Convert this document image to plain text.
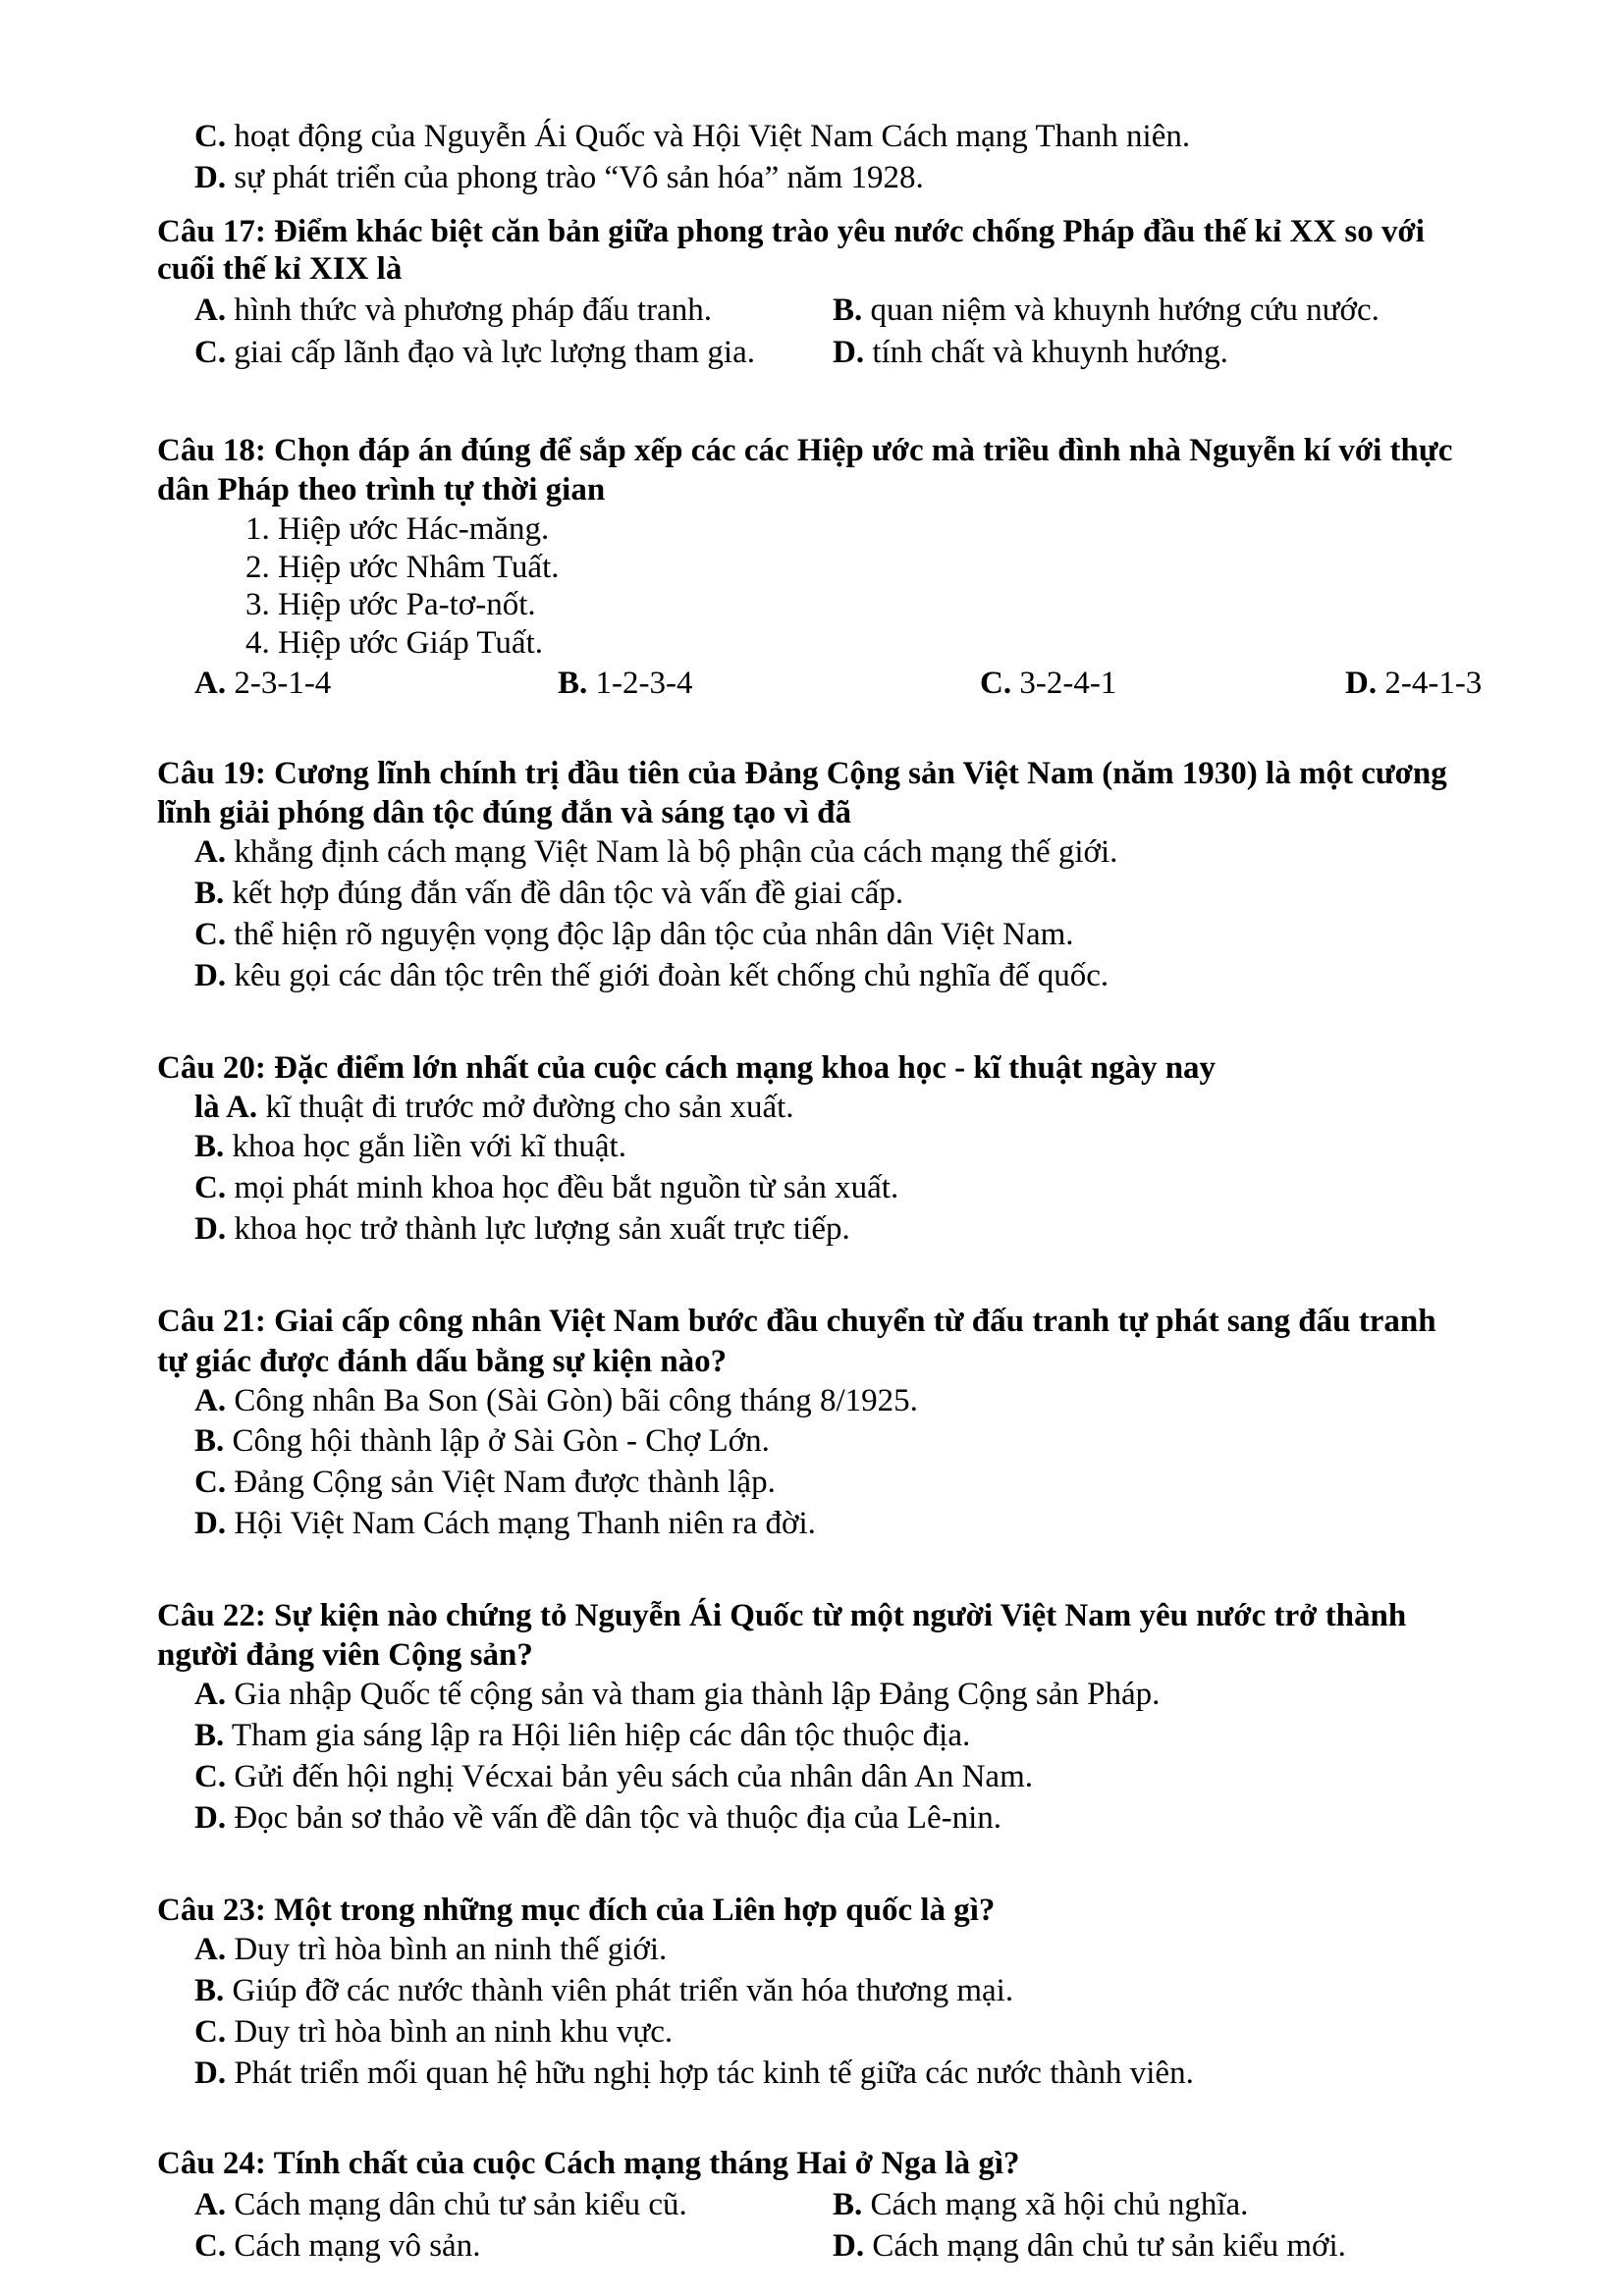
C. hoạt động của Nguyễn Ái Quốc và Hội Việt Nam Cách mạng Thanh niên.
D. sự phát triển của phong trào “Vô sản hóa” năm 1928.
Câu 17: Điểm khác biệt căn bản giữa phong trào yêu nước chống Pháp đầu thế kỉ XX so với
cuối thế kỉ XIX là
A. hình thức và phương pháp đấu tranh.	B. quan niệm và khuynh hướng cứu nước.
C. giai cấp lãnh đạo và lực lượng tham gia. D. tính chất và khuynh hướng.
Câu 18: Chọn đáp án đúng để sắp xếp các các Hiệp ước mà triều đình nhà Nguyễn kí với thực
dân Pháp theo trình tự thời gian
1. Hiệp ước Hác-măng.
2. Hiệp ước Nhâm Tuất.
3. Hiệp ước Pa-tơ-nốt.
4. Hiệp ước Giáp Tuất.
A. 2-3-1-4	B. 1-2-3-4	C. 3-2-4-1	D. 2-4-1-3
Câu 19: Cương lĩnh chính trị đầu tiên của Đảng Cộng sản Việt Nam (năm 1930) là một cương
lĩnh giải phóng dân tộc đúng đắn và sáng tạo vì đã
A. khẳng định cách mạng Việt Nam là bộ phận của cách mạng thế giới.
B. kết hợp đúng đắn vấn đề dân tộc và vấn đề giai cấp.
C. thể hiện rõ nguyện vọng độc lập dân tộc của nhân dân Việt Nam.
D. kêu gọi các dân tộc trên thế giới đoàn kết chống chủ nghĩa đế quốc.
Câu 20: Đặc điểm lớn nhất của cuộc cách mạng khoa học - kĩ thuật ngày nay
là A. kĩ thuật đi trước mở đường cho sản xuất.
B. khoa học gắn liền với kĩ thuật.
C. mọi phát minh khoa học đều bắt nguồn từ sản xuất.
D. khoa học trở thành lực lượng sản xuất trực tiếp.
Câu 21: Giai cấp công nhân Việt Nam bước đầu chuyển từ đấu tranh tự phát sang đấu tranh
tự giác được đánh dấu bằng sự kiện nào?
A. Công nhân Ba Son (Sài Gòn) bãi công tháng 8/1925.
B. Công hội thành lập ở Sài Gòn - Chợ Lớn.
C. Đảng Cộng sản Việt Nam được thành lập.
D. Hội Việt Nam Cách mạng Thanh niên ra đời.
Câu 22: Sự kiện nào chứng tỏ Nguyễn Ái Quốc từ một người Việt Nam yêu nước trở thành
người đảng viên Cộng sản?
A. Gia nhập Quốc tế cộng sản và tham gia thành lập Đảng Cộng sản Pháp.
B. Tham gia sáng lập ra Hội liên hiệp các dân tộc thuộc địa.
C. Gửi đến hội nghị Vécxai bản yêu sách của nhân dân An Nam.
D. Đọc bản sơ thảo về vấn đề dân tộc và thuộc địa của Lê-nin.
Câu 23: Một trong những mục đích của Liên hợp quốc là gì?
A. Duy trì hòa bình an ninh thế giới.
B. Giúp đỡ các nước thành viên phát triển văn hóa thương mại.
C. Duy trì hòa bình an ninh khu vực.
D. Phát triển mối quan hệ hữu nghị hợp tác kinh tế giữa các nước thành viên.
Câu 24: Tính chất của cuộc Cách mạng tháng Hai ở Nga là gì?
A. Cách mạng dân chủ tư sản kiểu cũ.	B. Cách mạng xã hội chủ nghĩa.
C. Cách mạng vô sản.	D. Cách mạng dân chủ tư sản kiểu mới.
